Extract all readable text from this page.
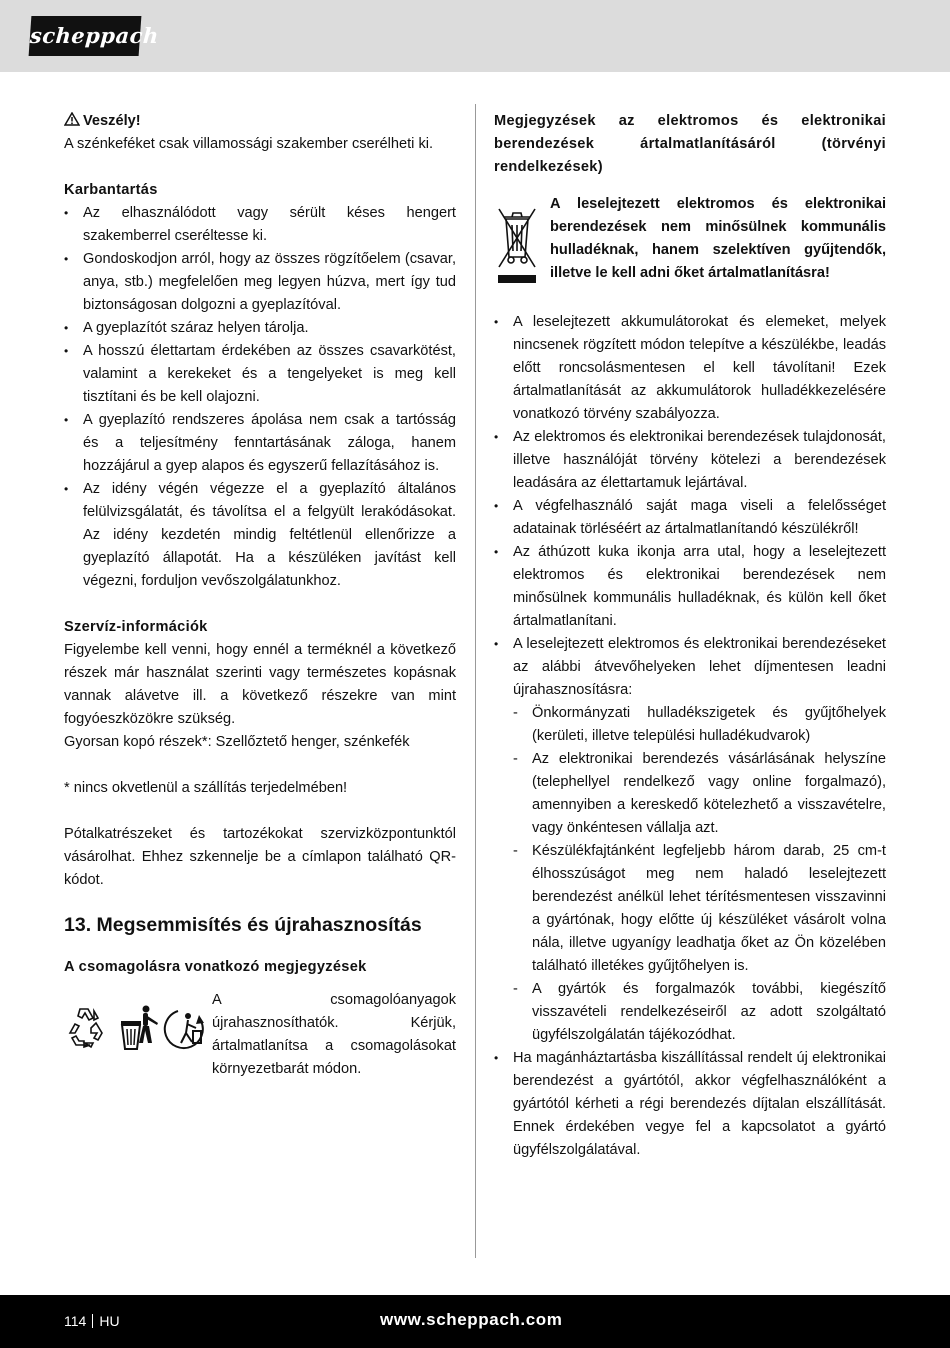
scheppach
Veszély!

A szénkeféket csak villamossági szakember cserélheti ki.

Karbantartás
• Az elhasználódott vagy sérült késes hengert szakemberrel cseréltesse ki.
• Gondoskodjon arról, hogy az összes rögzítőelem (csavar, anya, stb.) megfelelően meg legyen húzva, mert így tud biztonságosan dolgozni a gyeplazítóval.
• A gyeplazítót száraz helyen tárolja.
• A hosszú élettartam érdekében az összes csavarkötést, valamint a kerekeket és a tengelyeket is meg kell tisztítani és be kell olajozni.
• A gyeplazító rendszeres ápolása nem csak a tartósság és a teljesítmény fenntartásának záloga, hanem hozzájárul a gyep alapos és egyszerű fellazításához is.
• Az idény végén végezze el a gyeplazító általános felülvizsgálatát, és távolítsa el a felgyült lerakódásokat. Az idény kezdetén mindig feltétlenül ellenőrizze a gyeplazító állapotát. Ha a készüléken javítást kell végezni, forduljon vevőszolgálatunkhoz.
Szervíz-információk

Figyelembe kell venni, hogy ennél a terméknél a következő részek már használat szerinti vagy természetes kopásnak vannak alávetve ill. a következő részekre van mint fogyóeszközökre szükség.

Gyorsan kopó részek*: Szellőztető henger, szénkefék

* nincs okvetlenül a szállítás terjedelmében!

Pótalkatrészeket és tartozékokat szervizközpontunktól vásárolhat. Ehhez szkennelje be a címlapon található QR-kódot.

13. Megsemmisítés és újrahasznosítás
A csomagolásra vonatkozó megjegyzések

A csomagolóanyagok újrahasznosíthatók. Kérjük, ártalmatlanítsa a csomagolásokat környezetbarát módon.

Megjegyzések az elektromos és elektronikai berendezések ártalmatlanításáról (törvényi rendelkezések)

A leselejtezett elektromos és elektronikai berendezések nem minősülnek kommunális hulladéknak, hanem szelektíven gyűjtendők, illetve le kell adni őket ártalmatlanításra!

• A leselejtezett akkumulátorokat és elemeket, melyek nincsenek rögzített módon telepítve a készülékbe, leadás előtt roncsolásmentesen el kell távolítani! Ezek ártalmatlanítását az akkumulátorok hulladékkezelésére vonatkozó törvény szabályozza.
• Az elektromos és elektronikai berendezések tulajdonosát, illetve használóját törvény kötelezi a berendezések leadására az élettartamuk lejártával.
• A végfelhasználó saját maga viseli a felelősséget adatainak törléséért az ártalmatlanítandó készülékről!
• Az áthúzott kuka ikonja arra utal, hogy a leselejtezett elektromos és elektronikai berendezések nem minősülnek kommunális hulladéknak, és külön kell őket ártalmatlanítani.
• A leselejtezett elektromos és elektronikai berendezéseket az alábbi átvevőhelyeken lehet díjmentesen leadni újrahasznosításra:
- Önkormányzati hulladékszigetek és gyűjtőhelyek (kerületi, illetve települési hulladékudvarok)
- Az elektronikai berendezés vásárlásának helyszíne (telephellyel rendelkező vagy online forgalmazó), amennyiben a kereskedő kötelezhető a visszavételre, vagy önkéntesen vállalja azt.
- Készülékfajtánként legfeljebb három darab, 25 cm-t élhosszúságot meg nem haladó leselejtezett berendezést anélkül lehet térítésmentesen visszavinni a gyártónak, hogy előtte új készüléket vásárolt volna nála, illetve ugyanígy leadhatja őket az Ön közelében található illetékes gyűjtőhelyen is.
- A gyártók és forgalmazók további, kiegészítő visszavételi rendelkezéseiről az adott szolgáltató ügyfélszolgálatán tájékozódhat.
• Ha magánháztartásba kiszállítással rendelt új elektronikai berendezést a gyártótól, akkor végfelhasználóként a gyártótól kérheti a régi berendezés díjtalan elszállítását. Ennek érdekében vegye fel a kapcsolatot a gyártó ügyfélszolgálatával.
114 HU	www.scheppach.com
